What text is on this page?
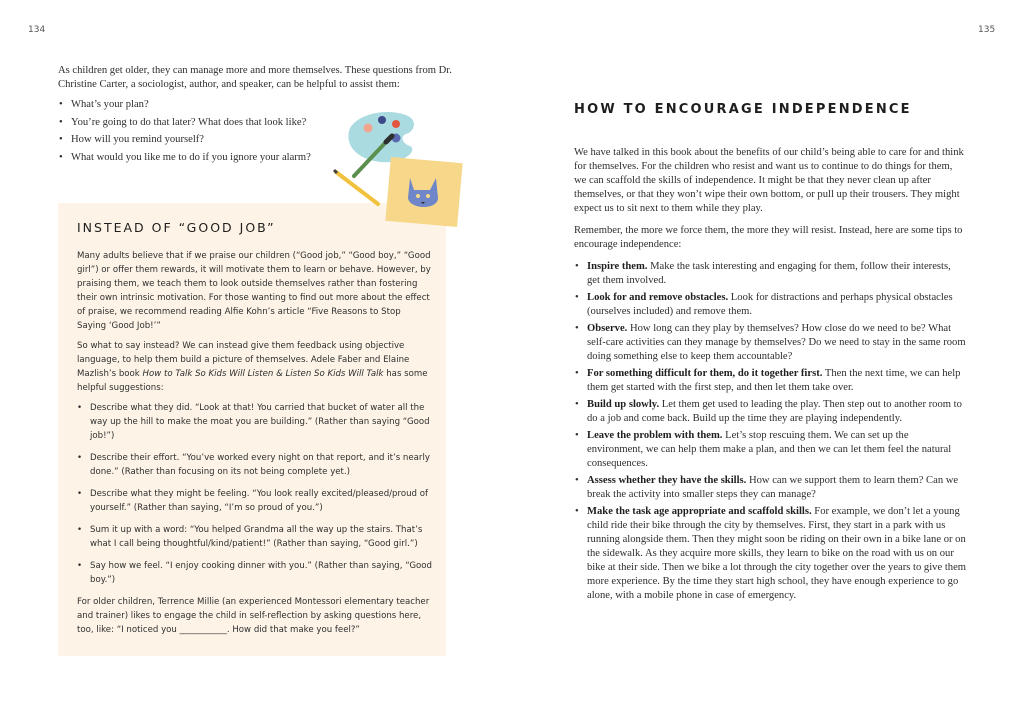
134

As children get older, they can manage more and more themselves. These questions from Dr. Christine Carter, a sociologist, author, and speaker, can be helpful to assist them:

• What’s your plan?
• You’re going to do that later? What does that look like?
• How will you remind yourself?
• What would you like me to do if you ignore your alarm?
INSTEAD OF “GOOD JOB”

Many adults believe that if we praise our children (“Good job,” “Good boy,” “Good girl”) or offer them rewards, it will motivate them to learn or behave. However, by praising them, we teach them to look outside themselves rather than fostering their own intrinsic motivation. For those wanting to find out more about the effect of praise, we recommend reading Alfie Kohn’s article “Five Reasons to Stop Saying ‘Good Job!’”

So what to say instead? We can instead give them feedback using objective language, to help them build a picture of themselves. Adele Faber and Elaine Mazlish’s book How to Talk So Kids Will Listen & Listen So Kids Will Talk has some helpful suggestions:

• Describe what they did. “Look at that! You carried that bucket of water all the way up the hill to make the moat you are building.” (Rather than saying “Good job!”)
• Describe their effort. “You’ve worked every night on that report, and it’s nearly done.” (Rather than focusing on its not being complete yet.)
• Describe what they might be feeling. “You look really excited/pleased/proud of yourself.” (Rather than saying, “I’m so proud of you.”)
• Sum it up with a word: “You helped Grandma all the way up the stairs. That’s what I call being thoughtful/kind/patient!” (Rather than saying, “Good girl.”)
• Say how we feel. “I enjoy cooking dinner with you.” (Rather than saying, “Good boy.”)

For older children, Terrence Millie (an experienced Montessori elementary teacher and trainer) likes to engage the child in self-reflection by asking questions here, too, like: “I noticed you ___________. How did that make you feel?”

135
HOW TO ENCOURAGE INDEPENDENCE

We have talked in this book about the benefits of our child’s being able to care for and think for themselves. For the children who resist and want us to continue to do things for them, we can scaffold the skills of independence. It might be that they never clean up after themselves, or that they won’t wipe their own bottom, or pull up their trousers. They might expect us to sit next to them while they play.

Remember, the more we force them, the more they will resist. Instead, here are some tips to encourage independence:

• Inspire them. Make the task interesting and engaging for them, follow their interests, get them involved.
• Look for and remove obstacles. Look for distractions and perhaps physical obstacles (ourselves included) and remove them.
• Observe. How long can they play by themselves? How close do we need to be? What self-care activities can they manage by themselves? Do we need to stay in the same room doing something else to keep them accountable?
• For something difficult for them, do it together first. Then the next time, we can help them get started with the first step, and then let them take over.
• Build up slowly. Let them get used to leading the play. Then step out to another room to do a job and come back. Build up the time they are playing independently.
• Leave the problem with them. Let’s stop rescuing them. We can set up the environment, we can help them make a plan, and then we can let them feel the natural consequences.
• Assess whether they have the skills. How can we support them to learn them? Can we break the activity into smaller steps they can manage?
• Make the task age appropriate and scaffold skills. For example, we don’t let a young child ride their bike through the city by themselves. First, they start in a park with us running alongside them. Then they might soon be riding on their own in a bike lane or on the sidewalk. As they acquire more skills, they learn to bike on the road with us on our bike at their side. Then we bike a lot through the city together over the years to give them more experience. By the time they start high school, they have enough experience to go alone, with a mobile phone in case of emergency.
